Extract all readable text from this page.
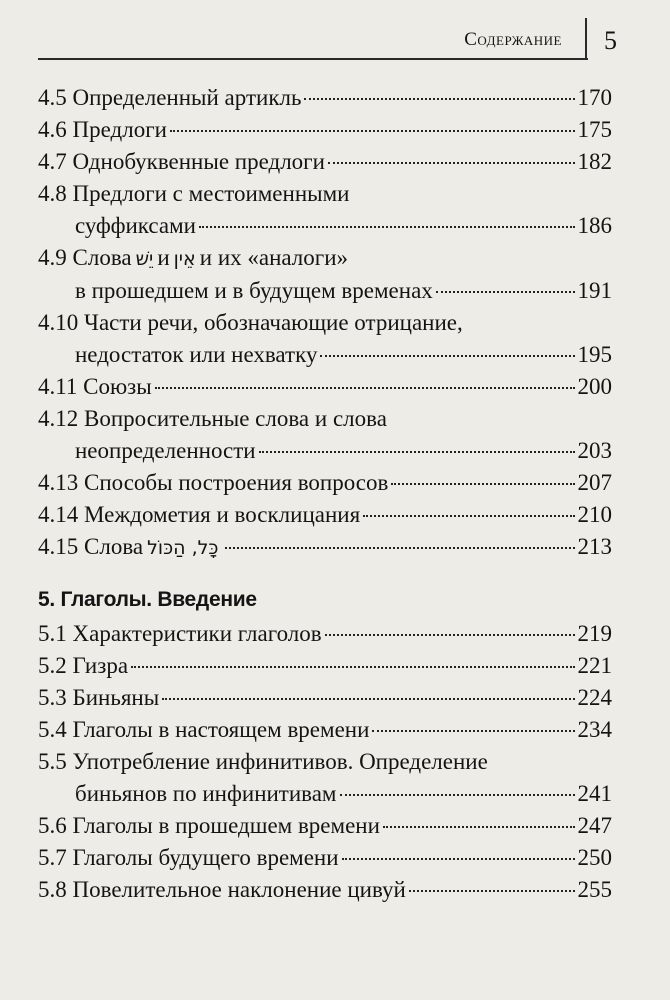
Содержание 5
4.5 Определенный артикль	170
4.6 Предлоги	175
4.7 Однобуквенные предлоги	182
4.8 Предлоги с местоименными
суффиксами	186
4.9 Слова יֵשׁ и אֵין и их «аналоги»
в прошедшем и в будущем временах	191
4.10 Части речи, обозначающие отрицание,
недостаток или нехватку	195
4.11 Союзы	200
4.12 Вопросительные слова и слова
неопределенности	203
4.13 Способы построения вопросов	207
4.14 Междометия и восклицания	210
4.15 Слова כָּל, הַכּוֹל	213
5. Глаголы. Введение
5.1 Характеристики глаголов	219
5.2 Гизра	221
5.3 Биньяны	224
5.4 Глаголы в настоящем времени	234
5.5 Употребление инфинитивов. Определение
биньянов по инфинитивам	241
5.6 Глаголы в прошедшем времени	247
5.7 Глаголы будущего времени	250
5.8 Повелительное наклонение цивуй	255
